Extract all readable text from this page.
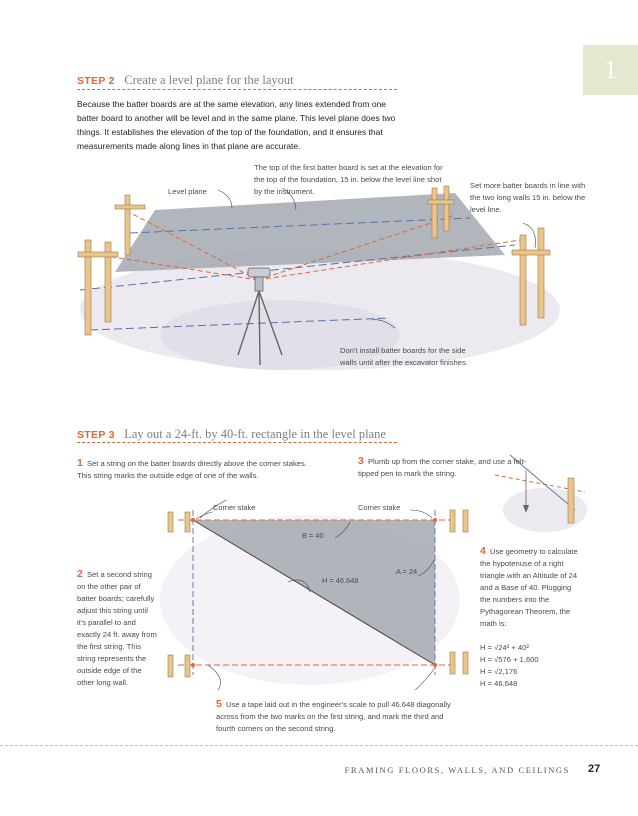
1
STEP 2 Create a level plane for the layout

Because the batter boards are at the same elevation, any lines extended from one batter board to another will be level and in the same plane. This level plane does two things. It establishes the elevation of the top of the foundation, and it ensures that measurements made along lines in that plane are accurate.

Level plane

The top of the first batter board is set at the elevation for the top of the foundation, 15 in. below the level line shot by the instrument.

Set more batter boards in line with the two long walls 15 in. below the level line.

Don't install batter boards for the side walls until after the excavator finishes.

STEP 3 Lay out a 24-ft. by 40-ft. rectangle in the level plane
Corner stake	Corner stake
B = 40
A = 24
H = 46.648

1 Set a string on the batter boards directly above the corner stakes. This string marks the outside edge of one of the walls.

2 Set a second string on the other pair of batter boards; carefully adjust this string until it's parallel to and exactly 24 ft. away from the first string. This string represents the outside edge of the other long wall.

3 Plumb up from the corner stake, and use a felt-tipped pen to mark the string.

4 Use geometry to calculate the hypotenuse of a right triangle with an Altitude of 24 and a Base of 40. Plugging the numbers into the Pythagorean Theorem, the math is:
H = √24² + 40²
H = √576 + 1,600
H = √2,176
H = 46.648

5 Use a tape laid out in the engineer's scale to pull 46.648 diagonally across from the two marks on the first string, and mark the third and fourth corners on the second string.

FRAMING FLOORS, WALLS, AND CEILINGS 27
